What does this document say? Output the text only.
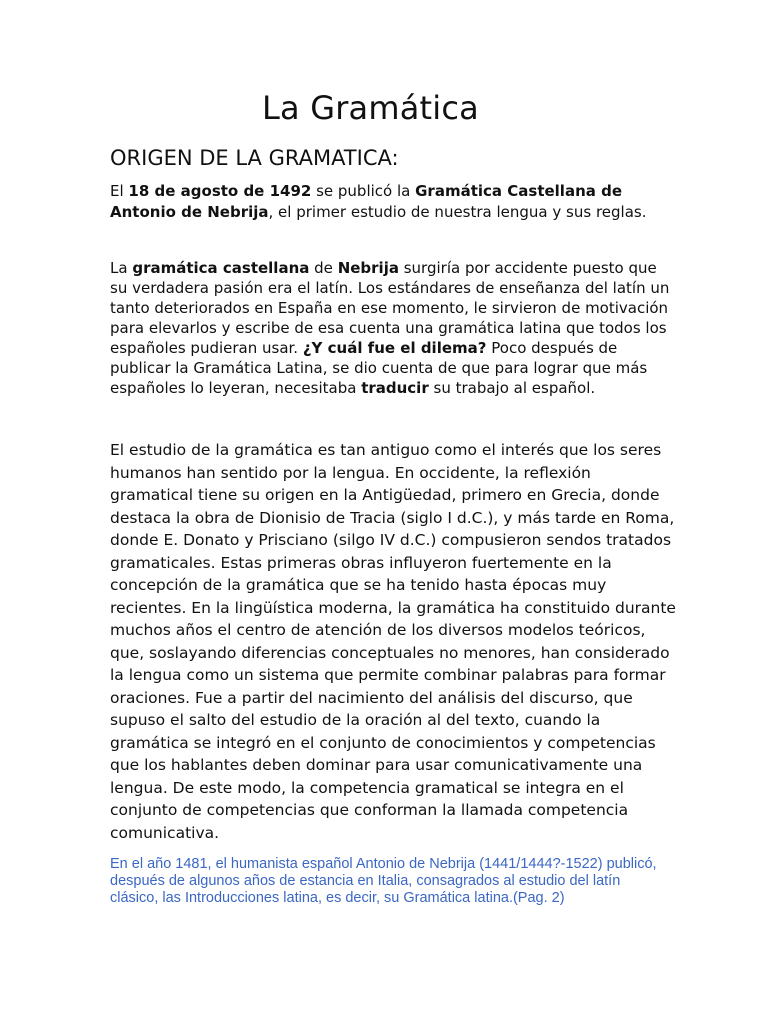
La Gramática
ORIGEN DE LA GRAMATICA:

El 18 de agosto de 1492 se publicó la Gramática Castellana de Antonio de Nebrija, el primer estudio de nuestra lengua y sus reglas.

La gramática castellana de Nebrija surgiría por accidente puesto que su verdadera pasión era el latín. Los estándares de enseñanza del latín un tanto deteriorados en España en ese momento, le sirvieron de motivación para elevarlos y escribe de esa cuenta una gramática latina que todos los españoles pudieran usar. ¿Y cuál fue el dilema? Poco después de publicar la Gramática Latina, se dio cuenta de que para lograr que más españoles lo leyeran, necesitaba traducir su trabajo al español.

El estudio de la gramática es tan antiguo como el interés que los seres humanos han sentido por la lengua. En occidente, la reflexión gramatical tiene su origen en la Antigüedad, primero en Grecia, donde destaca la obra de Dionisio de Tracia (siglo I d.C.), y más tarde en Roma, donde E. Donato y Prisciano (silgo IV d.C.) compusieron sendos tratados gramaticales. Estas primeras obras influyeron fuertemente en la concepción de la gramática que se ha tenido hasta épocas muy recientes. En la lingüística moderna, la gramática ha constituido durante muchos años el centro de atención de los diversos modelos teóricos, que, soslayando diferencias conceptuales no menores, han considerado la lengua como un sistema que permite combinar palabras para formar oraciones. Fue a partir del nacimiento del análisis del discurso, que supuso el salto del estudio de la oración al del texto, cuando la gramática se integró en el conjunto de conocimientos y competencias que los hablantes deben dominar para usar comunicativamente una lengua. De este modo, la competencia gramatical se integra en el conjunto de competencias que conforman la llamada competencia comunicativa.

En el año 1481, el humanista español Antonio de Nebrija (1441/1444?-1522) publicó, después de algunos años de estancia en Italia, consagrados al estudio del latín clásico, las Introducciones latina, es decir, su Gramática latina.(Pag. 2)
